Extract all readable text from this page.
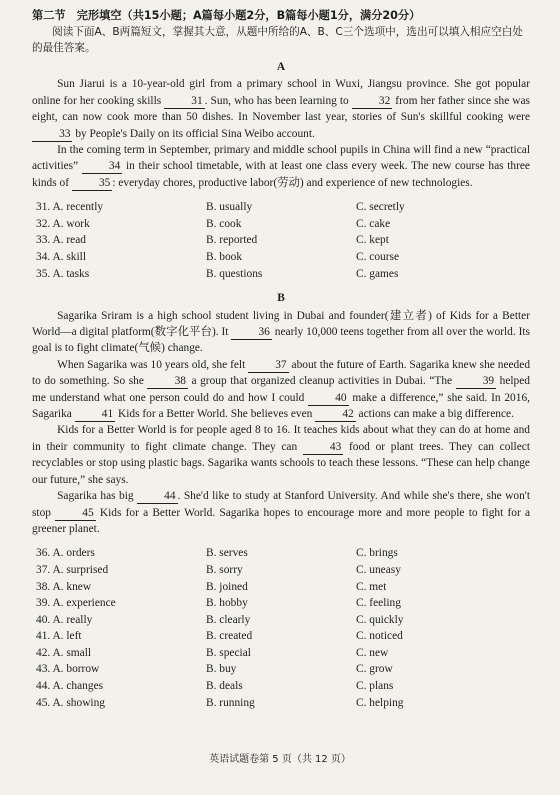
第二节　完形填空（共15小题；A篇每小题2分，B篇每小题1分，满分20分）

阅读下面A、B两篇短文，掌握其大意，从题中所给的A、B、C三个选项中，选出可以填入相应空白处的最佳答案。

A

Sun Jiarui is a 10-year-old girl from a primary school in Wuxi, Jiangsu province. She got popular online for her cooking skills 31 . Sun, who has been learning to 32 from her father since she was eight, can now cook more than 50 dishes. In November last year, stories of Sun's skillful cooking were 33 by People's Daily on its official Sina Weibo account.

In the coming term in September, primary and middle school pupils in China will find a new “practical activities” 34 in their school timetable, with at least one class every week. The new course has three kinds of 35 : everyday chores, productive labor(劳动) and experience of new technologies.

31. A. recently	B. usually	C. secretly
32. A. work	B. cook	C. cake
33. A. read	B. reported	C. kept
34. A. skill	B. book	C. course
35. A. tasks	B. questions	C. games
B

Sagarika Sriram is a high school student living in Dubai and founder(建立者) of Kids for a Better World—a digital platform(数字化平台). It 36 nearly 10,000 teens together from all over the world. Its goal is to fight climate(气候) change.

When Sagarika was 10 years old, she felt 37 about the future of Earth. Sagarika knew she needed to do something. So she 38 a group that organized cleanup activities in Dubai. “The 39 helped me understand what one person could do and how I could 40 make a difference,” she said. In 2016, Sagarika 41 Kids for a Better World. She believes even 42 actions can make a big difference.

Kids for a Better World is for people aged 8 to 16. It teaches kids about what they can do at home and in their community to fight climate change. They can 43 food or plant trees. They can collect recyclables or stop using plastic bags. Sagarika wants schools to teach these lessons. “These can help change our future,” she says.

Sagarika has big 44 . She'd like to study at Stanford University. And while she's there, she won't stop 45 Kids for a Better World. Sagarika hopes to encourage more and more people to fight for a greener planet.

36. A. orders	B. serves	C. brings
37. A. surprised	B. sorry	C. uneasy
38. A. knew	B. joined	C. met
39. A. experience	B. hobby	C. feeling
40. A. really	B. clearly	C. quickly
41. A. left	B. created	C. noticed
42. A. small	B. special	C. new
43. A. borrow	B. buy	C. grow
44. A. changes	B. deals	C. plans
45. A. showing	B. running	C. helping
英语试题卷第 5 页（共 12 页）
